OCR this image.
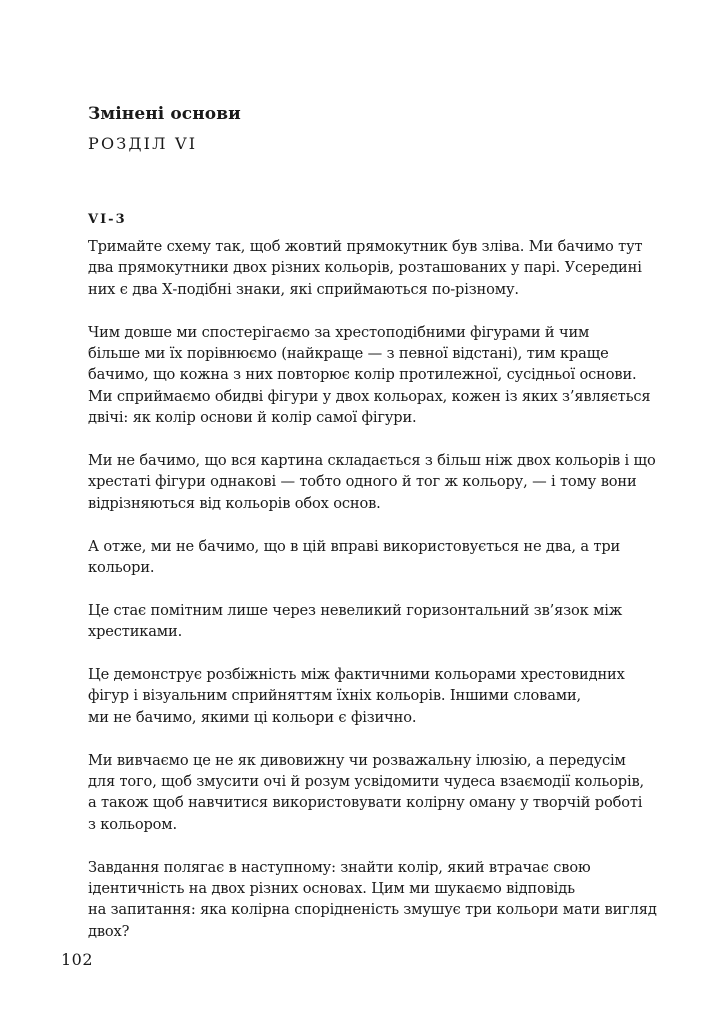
Змінені основи
РОЗДІЛ VI
VI-3
Тримайте схему так, щоб жовтий прямокутник був зліва. Ми бачимо тут
два прямокутники двох різних кольорів, розташованих у парі. Усередині
них є два Х-подібні знаки, які сприймаються по-різному.
Чим довше ми спостерігаємо за хрестоподібними фігурами й чим
більше ми їх порівнюємо (найкраще — з певної відстані), тим краще
бачимо, що кожна з них повторює колір протилежної, сусідньої основи.
Ми сприймаємо обидві фігури у двох кольорах, кожен із яких з’являється
двічі: як колір основи й колір самої фігури.
Ми не бачимо, що вся картина складається з більш ніж двох кольорів і що
хрестаті фігури однакові — тобто одного й тог ж кольору, — і тому вони
відрізняються від кольорів обох основ.
А отже, ми не бачимо, що в цій вправі використовується не два, а три
кольори.
Це стає помітним лише через невеликий горизонтальний зв’язок між
хрестиками.
Це демонструє розбіжність між фактичними кольорами хрестовидних
фігур і візуальним сприйняттям їхніх кольорів. Іншими словами,
ми не бачимо, якими ці кольори є фізично.
Ми вивчаємо це не як дивовижну чи розважальну ілюзію, а передусім
для того, щоб змусити очі й розум усвідомити чудеса взаємодії кольорів,
а також щоб навчитися використовувати колірну оману у творчій роботі
з кольором.
Завдання полягає в наступному: знайти колір, який втрачає свою
ідентичність на двох різних основах. Цим ми шукаємо відповідь
на запитання: яка колірна спорідненість змушує три кольори мати вигляд
двох?
102
